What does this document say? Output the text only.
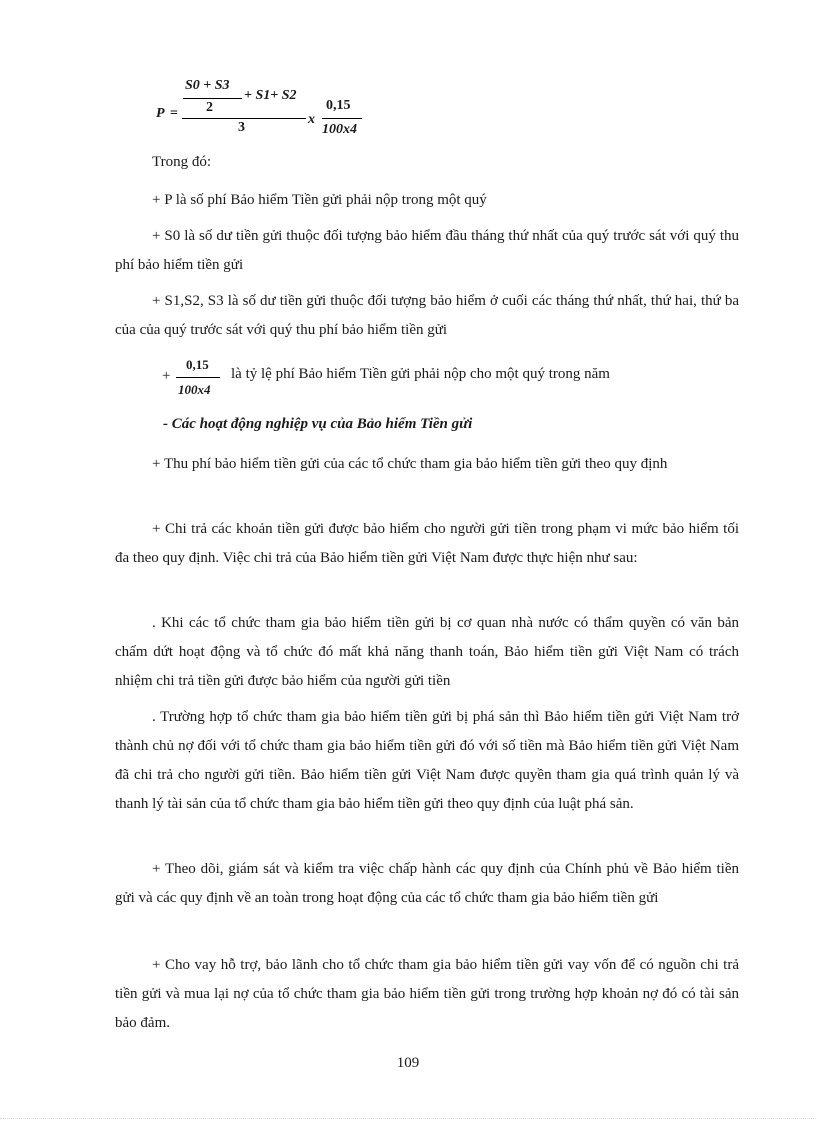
P =
S0 + S3
2
+ S1+ S2
3
x
0,15
100x4

Trong đó:

+ P là số phí Bảo hiểm Tiền gửi phải nộp trong một quý

+ S0 là số dư tiền gửi thuộc đối tượng bảo hiểm đầu tháng thứ nhất của quý trước sát với quý thu phí bảo hiểm tiền gửi

+ S1,S2, S3 là số dư tiền gửi thuộc đối tượng bảo hiểm ở cuối các tháng thứ nhất, thứ hai, thứ ba của của quý trước sát với quý thu phí bảo hiểm tiền gửi

+
0,15
100x4
là tỷ lệ phí Bảo hiểm Tiền gửi phải nộp cho một quý trong năm

- Các hoạt động nghiệp vụ của Bảo hiểm Tiền gửi

+ Thu phí bảo hiểm tiền gửi của các tổ chức tham gia bảo hiểm tiền gửi theo quy định

+ Chi trả các khoản tiền gửi được bảo hiểm cho người gửi tiền trong phạm vi mức bảo hiểm tối đa theo quy định. Việc chi trả của Bảo hiểm tiền gửi Việt Nam được thực hiện như sau:

. Khi các tổ chức tham gia bảo hiểm tiền gửi bị cơ quan nhà nước có thẩm quyền có văn bản chấm dứt hoạt động và tổ chức đó mất khả năng thanh toán, Bảo hiểm tiền gửi Việt Nam có trách nhiệm chi trả tiền gửi được bảo hiểm của người gửi tiền

. Trường hợp tổ chức tham gia bảo hiểm tiền gửi bị phá sản thì Bảo hiểm tiền gửi Việt Nam trở thành chủ nợ đối với tổ chức tham gia bảo hiểm tiền gửi đó với số tiền mà Bảo hiểm tiền gửi Việt Nam đã chi trả cho người gửi tiền. Bảo hiểm tiền gửi Việt Nam được quyền tham gia quá trình quản lý và thanh lý tài sản của tổ chức tham gia bảo hiểm tiền gửi theo quy định của luật phá sản.

+ Theo dõi, giám sát và kiểm tra việc chấp hành các quy định của Chính phủ về Bảo hiểm tiền gửi và các quy định về an toàn trong hoạt động của các tổ chức tham gia bảo hiểm tiền gửi

+ Cho vay hỗ trợ, bảo lãnh cho tổ chức tham gia bảo hiểm tiền gửi vay vốn để có nguồn chi trả tiền gửi và mua lại nợ của tổ chức tham gia bảo hiểm tiền gửi trong trường hợp khoản nợ đó có tài sản bảo đảm.

109
